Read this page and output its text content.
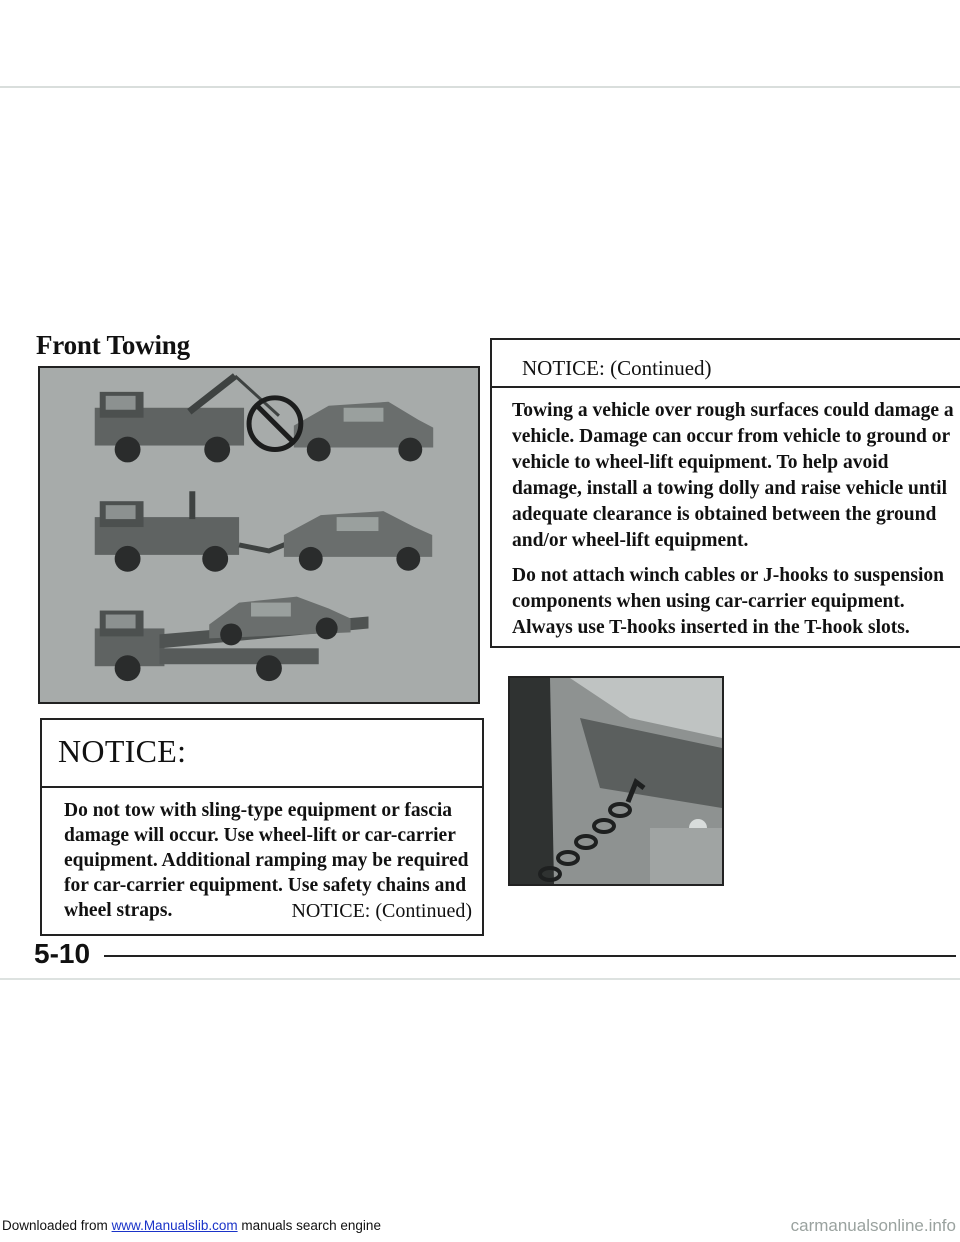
Front Towing
NOTICE: (Continued)

Towing a vehicle over rough surfaces could damage a vehicle. Damage can occur from vehicle to ground or vehicle to wheel-lift equipment. To help avoid damage, install a towing dolly and raise vehicle until adequate clearance is obtained between the ground and/or wheel-lift equipment.

Do not attach winch cables or J-hooks to suspension components when using car-carrier equipment. Always use T-hooks inserted in the T-hook slots.

NOTICE:

Do not tow with sling-type equipment or fascia damage will occur. Use wheel-lift or car-carrier equipment. Additional ramping may be required for car-carrier equipment. Use safety chains and wheel straps.	NOTICE: (Continued)
5-10
Downloaded from www.Manualslib.com manuals search engine	carmanualsonline.info
